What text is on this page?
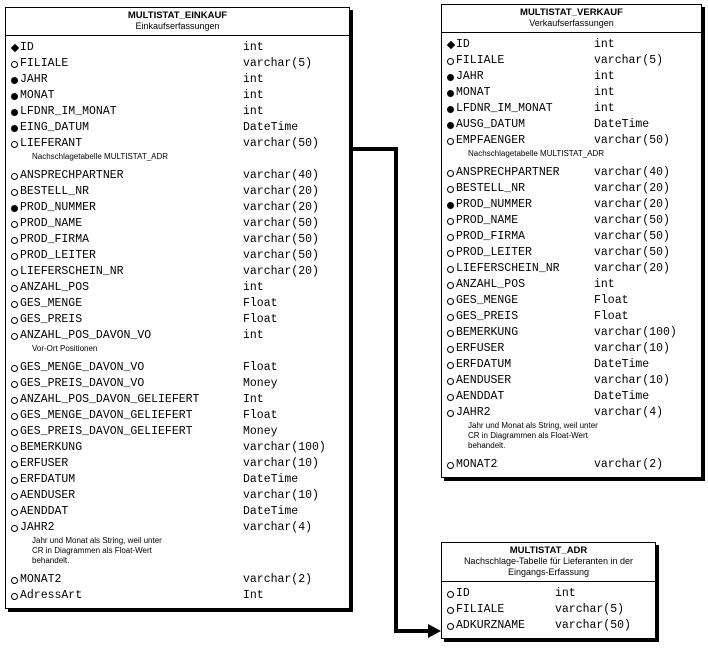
MULTISTAT_EINKAUF
Einkaufserfassungen
ID	int
FILIALE	varchar(5)
JAHR	int
MONAT	int
LFDNR_IM_MONAT	int
EING_DATUM	DateTime
LIEFERANT	varchar(50)
Nachschlagetabelle MULTISTAT_ADR
ANSPRECHPARTNER	varchar(40)
BESTELL_NR	varchar(20)
PROD_NUMMER	varchar(20)
PROD_NAME	varchar(50)
PROD_FIRMA	varchar(50)
PROD_LEITER	varchar(50)
LIEFERSCHEIN_NR	varchar(20)
ANZAHL_POS	int
GES_MENGE	Float
GES_PREIS	Float
ANZAHL_POS_DAVON_VO	int
Vor-Ort Positionen
GES_MENGE_DAVON_VO	Float
GES_PREIS_DAVON_VO	Money
ANZAHL_POS_DAVON_GELIEFERT	Int
GES_MENGE_DAVON_GELIEFERT	Float
GES_PREIS_DAVON_GELIEFERT	Money
BEMERKUNG	varchar(100)
ERFUSER	varchar(10)
ERFDATUM	DateTime
AENDUSER	varchar(10)
AENDDAT	DateTime
JAHR2	varchar(4)
Jahr und Monat als String, weil unter
CR in Diagrammen als Float-Wert
behandelt.
MONAT2	varchar(2)
AdressArt	Int
MULTISTAT_VERKAUF
Verkaufserfassungen
ID	int
FILIALE	varchar(5)
JAHR	int
MONAT	int
LFDNR_IM_MONAT	int
AUSG_DATUM	DateTime
EMPFAENGER	varchar(50)
Nachschlagetabelle MULTISTAT_ADR
ANSPRECHPARTNER	varchar(40)
BESTELL_NR	varchar(20)
PROD_NUMMER	varchar(20)
PROD_NAME	varchar(50)
PROD_FIRMA	varchar(50)
PROD_LEITER	varchar(50)
LIEFERSCHEIN_NR	varchar(20)
ANZAHL_POS	int
GES_MENGE	Float
GES_PREIS	Float
BEMERKUNG	varchar(100)
ERFUSER	varchar(10)
ERFDATUM	DateTime
AENDUSER	varchar(10)
AENDDAT	DateTime
JAHR2	varchar(4)
Jahr und Monat als String, weil unter
CR in Diagrammen als Float-Wert
behandelt.
MONAT2	varchar(2)
MULTISTAT_ADR
Nachschlage-Tabelle für Lieferanten in der Eingangs-Erfassung
ID	int
FILIALE	varchar(5)
ADKURZNAME	varchar(50)
